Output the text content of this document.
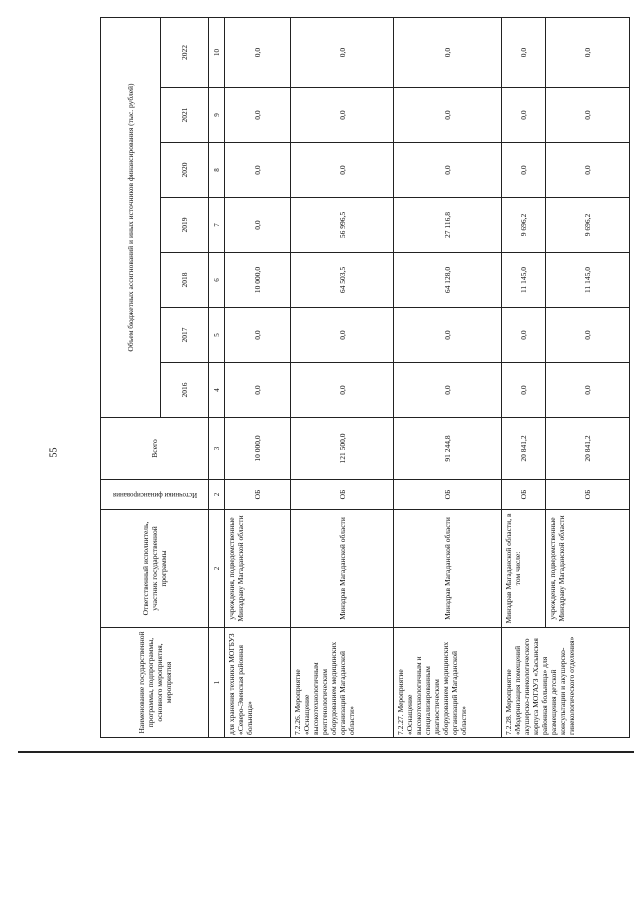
55
Наименование государственной программы, подпрограммы, основного мероприятия, мероприятия	Ответственный исполнитель, участник государственной программы	Источники финансирования	Всего	Объем бюджетных ассигнований и иных источников финансирования (тыс. рублей)						
				2016	2017	2018	2019	2020	2021	2022
1	2	2	3	4	5	6	7	8	9	10
для хранения техники МОГБУЗ «Северо-Эвенская районная больница»	учреждения, подведомственные Минздраву Магаданской области	ОБ	10 000,0	0,0	0,0	10 000,0	0,0	0,0	0,0	0,0
7.2.26. Мероприятие «Оснащение высокотехнологичным рентгенологическим оборудованием медицинских организаций Магаданской области»	Минздрав Магаданской области	ОБ	121 500,0	0,0	0,0	64 503,5	56 996,5	0,0	0,0	0,0
7.2.27. Мероприятие «Оснащение высокотехнологичным и специализированным диагностическим оборудованием медицинских организаций Магаданской области»	Минздрав Магаданской области	ОБ	91 244,8	0,0	0,0	64 128,0	27 116,8	0,0	0,0	0,0
7.2.28. Мероприятие «Модернизация помещений акушерско-гинекологического корпуса МОГАУЗ «Хасынская районная больница» для размещения детской консультации и акушерско-гинекологического отделения»	Минздрав Магаданской области, в том числе:	ОБ	20 841,2	0,0	0,0	11 145,0	9 696,2	0,0	0,0	0,0
	учреждения, подведомственные Минздраву Магаданской области	ОБ	20 841,2	0,0	0,0	11 145,0	9 696,2	0,0	0,0	0,0
